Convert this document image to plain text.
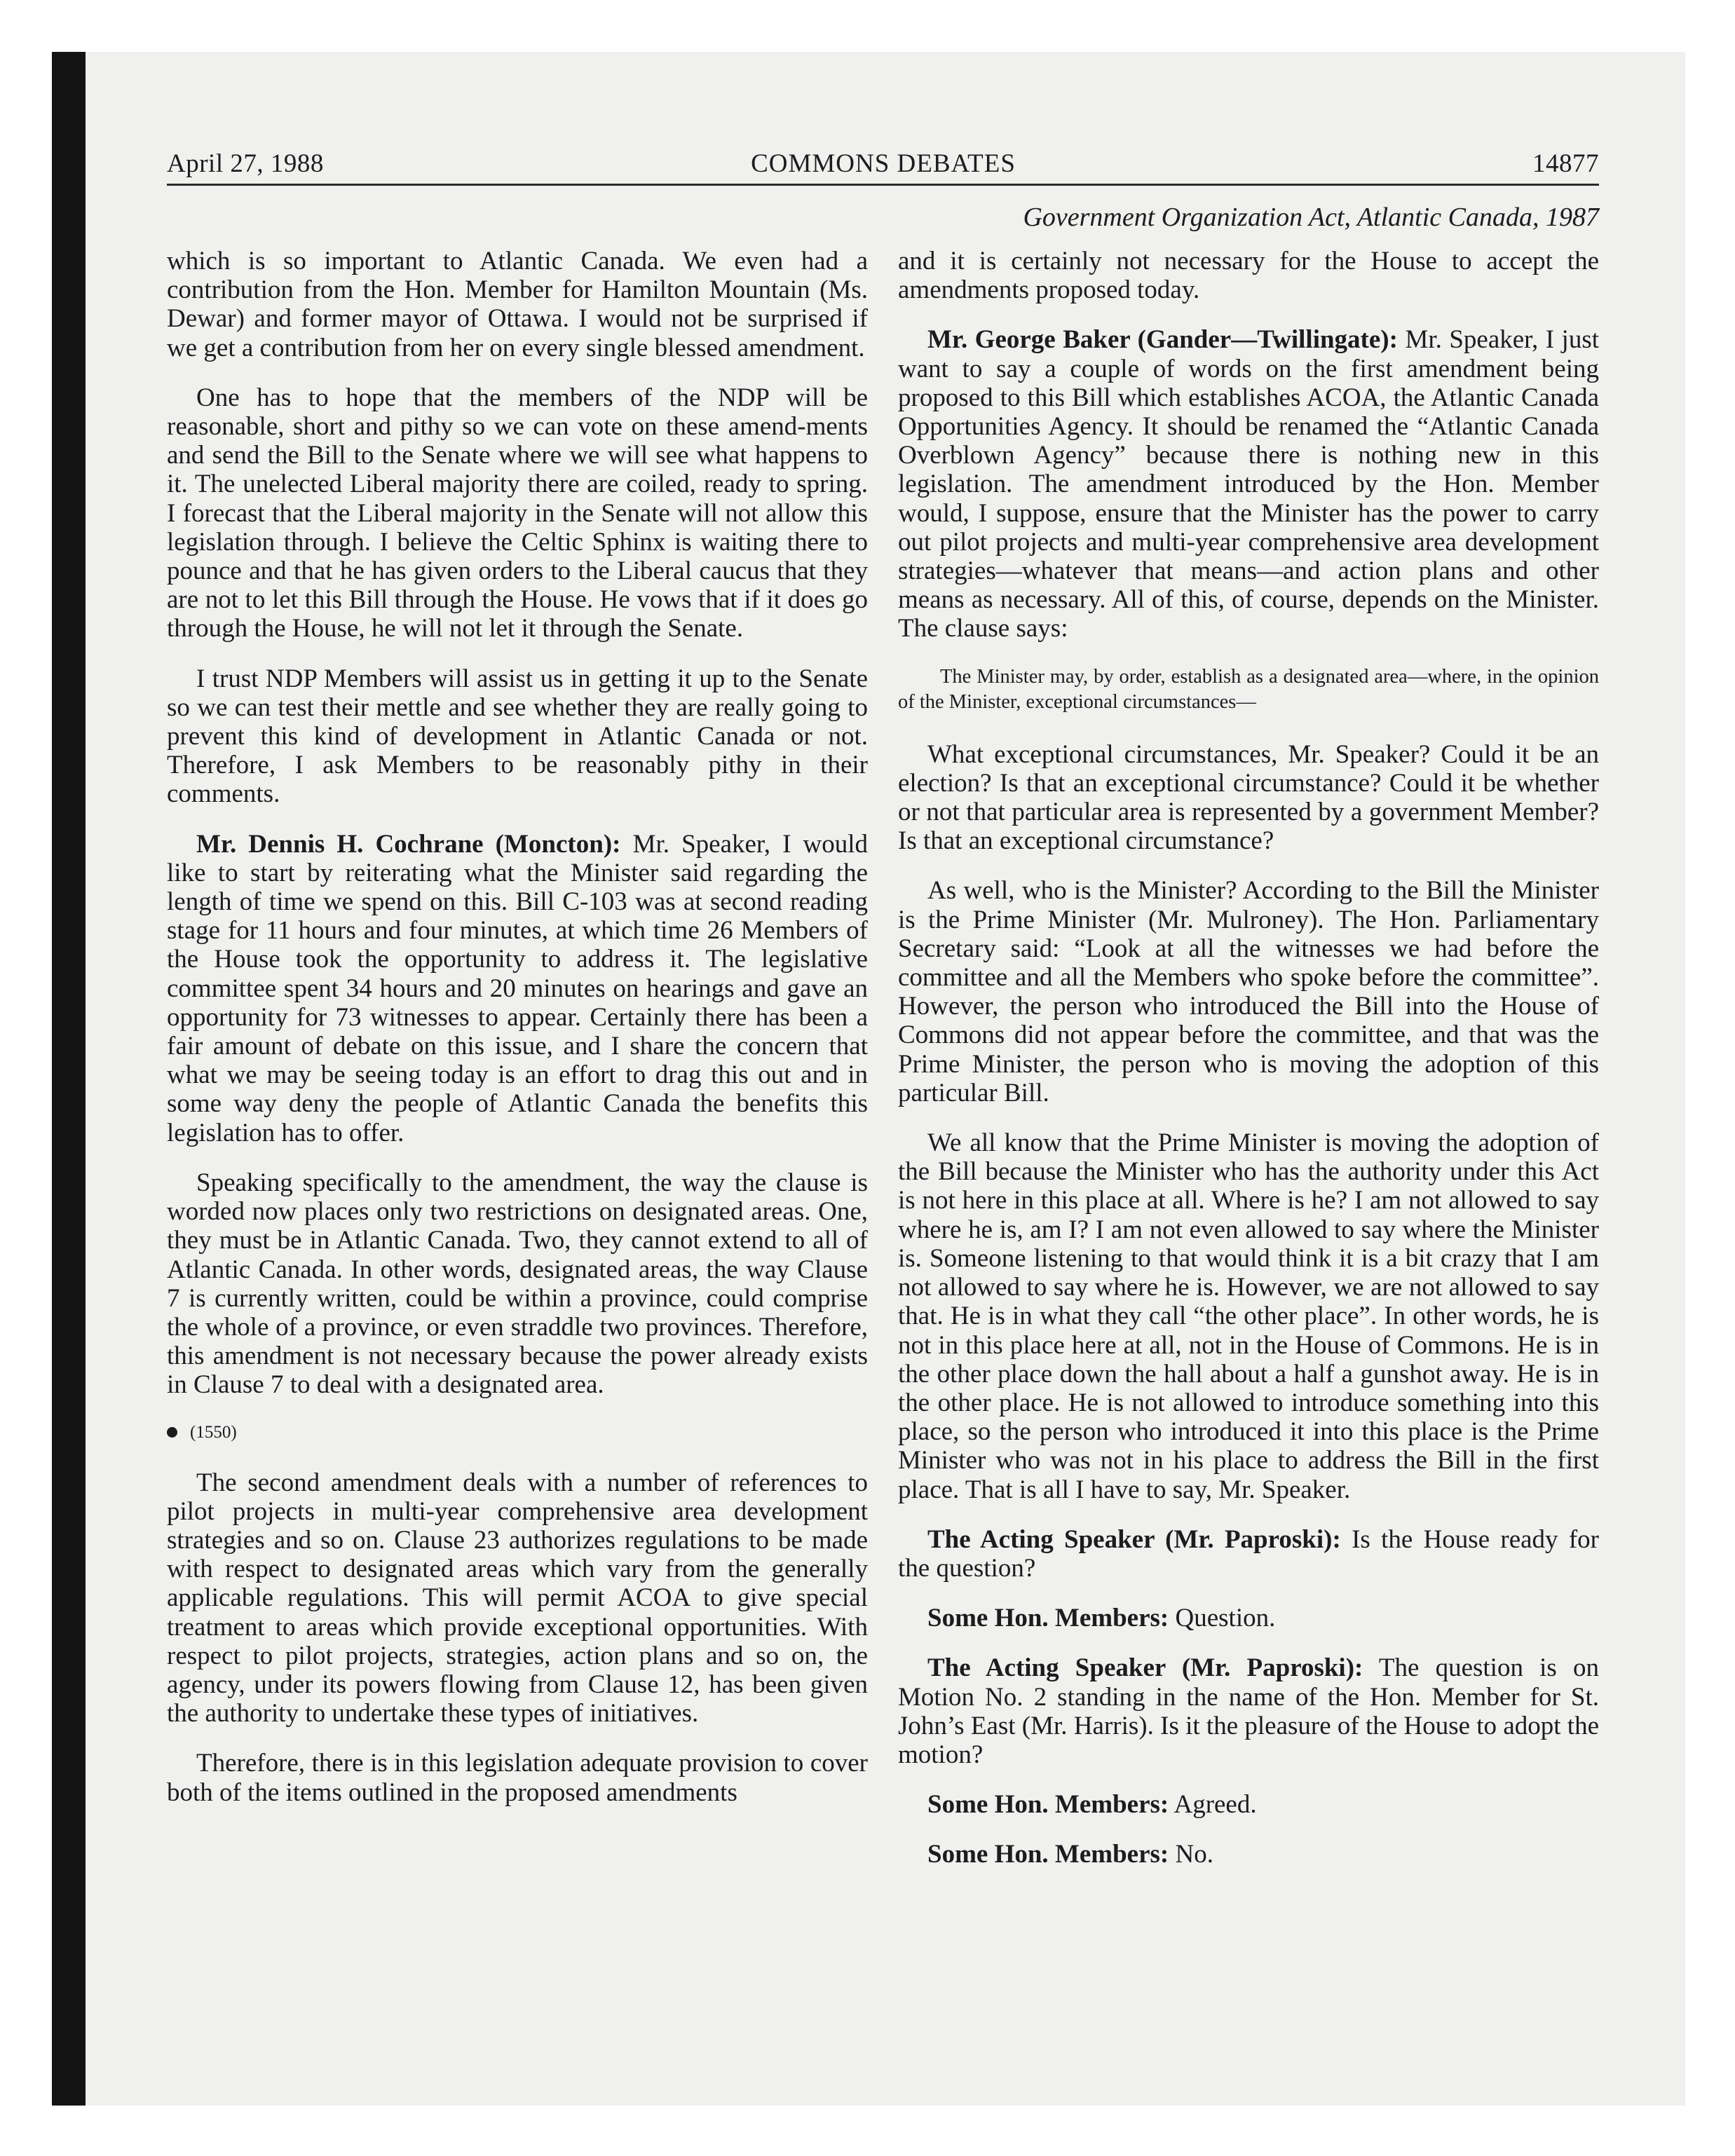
April 27, 1988	COMMONS DEBATES	14877
Government Organization Act, Atlantic Canada, 1987

which is so important to Atlantic Canada. We even had a contribution from the Hon. Member for Hamilton Mountain (Ms. Dewar) and former mayor of Ottawa. I would not be surprised if we get a contribution from her on every single blessed amendment.

One has to hope that the members of the NDP will be reasonable, short and pithy so we can vote on these amend-ments and send the Bill to the Senate where we will see what happens to it. The unelected Liberal majority there are coiled, ready to spring. I forecast that the Liberal majority in the Senate will not allow this legislation through. I believe the Celtic Sphinx is waiting there to pounce and that he has given orders to the Liberal caucus that they are not to let this Bill through the House. He vows that if it does go through the House, he will not let it through the Senate.

I trust NDP Members will assist us in getting it up to the Senate so we can test their mettle and see whether they are really going to prevent this kind of development in Atlantic Canada or not. Therefore, I ask Members to be reasonably pithy in their comments.

Mr. Dennis H. Cochrane (Moncton): Mr. Speaker, I would like to start by reiterating what the Minister said regarding the length of time we spend on this. Bill C-103 was at second reading stage for 11 hours and four minutes, at which time 26 Members of the House took the opportunity to address it. The legislative committee spent 34 hours and 20 minutes on hearings and gave an opportunity for 73 witnesses to appear. Certainly there has been a fair amount of debate on this issue, and I share the concern that what we may be seeing today is an effort to drag this out and in some way deny the people of Atlantic Canada the benefits this legislation has to offer.

Speaking specifically to the amendment, the way the clause is worded now places only two restrictions on designated areas. One, they must be in Atlantic Canada. Two, they cannot extend to all of Atlantic Canada. In other words, designated areas, the way Clause 7 is currently written, could be within a province, could comprise the whole of a province, or even straddle two provinces. Therefore, this amendment is not necessary because the power already exists in Clause 7 to deal with a designated area.

(1550)

The second amendment deals with a number of references to pilot projects in multi-year comprehensive area development strategies and so on. Clause 23 authorizes regulations to be made with respect to designated areas which vary from the generally applicable regulations. This will permit ACOA to give special treatment to areas which provide exceptional opportunities. With respect to pilot projects, strategies, action plans and so on, the agency, under its powers flowing from Clause 12, has been given the authority to undertake these types of initiatives.

Therefore, there is in this legislation adequate provision to cover both of the items outlined in the proposed amendments

and it is certainly not necessary for the House to accept the amendments proposed today.

Mr. George Baker (Gander—Twillingate): Mr. Speaker, I just want to say a couple of words on the first amendment being proposed to this Bill which establishes ACOA, the Atlantic Canada Opportunities Agency. It should be renamed the “Atlantic Canada Overblown Agency” because there is nothing new in this legislation. The amendment introduced by the Hon. Member would, I suppose, ensure that the Minister has the power to carry out pilot projects and multi-year comprehensive area development strategies—whatever that means—and action plans and other means as necessary. All of this, of course, depends on the Minister. The clause says:

The Minister may, by order, establish as a designated area—where, in the opinion of the Minister, exceptional circumstances—

What exceptional circumstances, Mr. Speaker? Could it be an election? Is that an exceptional circumstance? Could it be whether or not that particular area is represented by a government Member? Is that an exceptional circumstance?

As well, who is the Minister? According to the Bill the Minister is the Prime Minister (Mr. Mulroney). The Hon. Parliamentary Secretary said: “Look at all the witnesses we had before the committee and all the Members who spoke before the committee”. However, the person who introduced the Bill into the House of Commons did not appear before the committee, and that was the Prime Minister, the person who is moving the adoption of this particular Bill.

We all know that the Prime Minister is moving the adoption of the Bill because the Minister who has the authority under this Act is not here in this place at all. Where is he? I am not allowed to say where he is, am I? I am not even allowed to say where the Minister is. Someone listening to that would think it is a bit crazy that I am not allowed to say where he is. However, we are not allowed to say that. He is in what they call “the other place”. In other words, he is not in this place here at all, not in the House of Commons. He is in the other place down the hall about a half a gunshot away. He is in the other place. He is not allowed to introduce something into this place, so the person who introduced it into this place is the Prime Minister who was not in his place to address the Bill in the first place. That is all I have to say, Mr. Speaker.

The Acting Speaker (Mr. Paproski): Is the House ready for the question?

Some Hon. Members: Question.

The Acting Speaker (Mr. Paproski): The question is on Motion No. 2 standing in the name of the Hon. Member for St. John’s East (Mr. Harris). Is it the pleasure of the House to adopt the motion?

Some Hon. Members: Agreed.

Some Hon. Members: No.
